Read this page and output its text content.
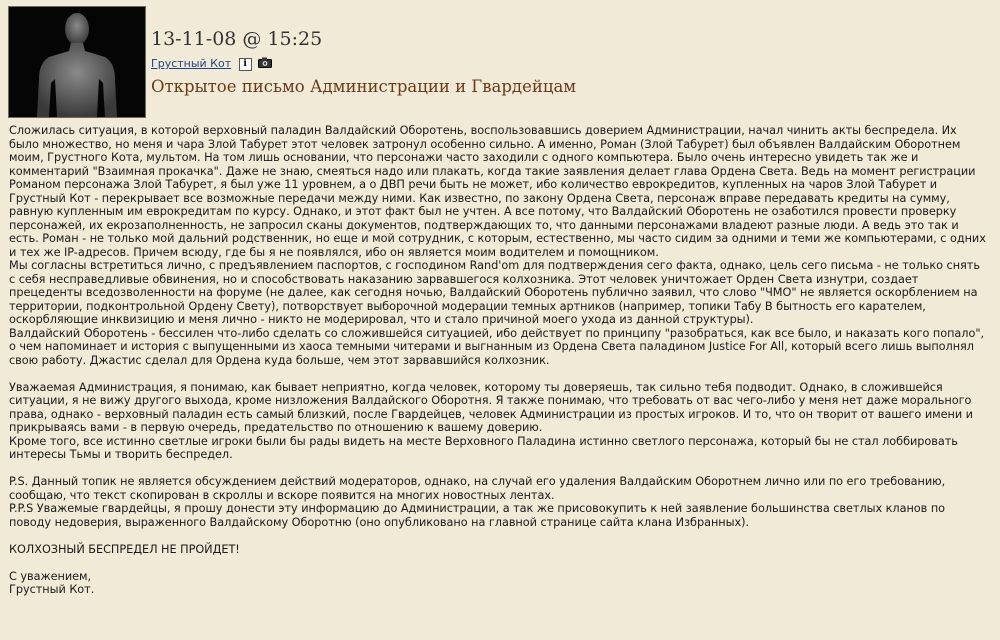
13-11-08 @ 15:25
Грустный Кот i
Открытое письмо Администрации и Гвардейцам

Сложилась ситуация, в которой верховный паладин Валдайский Оборотень, воспользовавшись доверием Администрации, начал чинить акты беспредела. Их было множество, но меня и чара Злой Табурет этот человек затронул особенно сильно. А именно, Роман (Злой Табурет) был объявлен Валдайским Оборотнем моим, Грустного Кота, мультом. На том лишь основании, что персонажи часто заходили с одного компьютера. Было очень интересно увидеть так же и комментарий "Взаимная прокачка". Даже не знаю, смеяться надо или плакать, когда такие заявления делает глава Ордена Света. Ведь на момент регистрации Романом персонажа Злой Табурет, я был уже 11 уровнем, а о ДВП речи быть не может, ибо количество еврокредитов, купленных на чаров Злой Табурет и Грустный Кот - перекрывает все возможные передачи между ними. Как известно, по закону Ордена Света, персонаж вправе передавать кредиты на сумму, равную купленным им еврокредитам по курсу. Однако, и этот факт был не учтен. А все потому, что Валдайский Оборотень не озаботился провести проверку персонажей, их екрозаполненность, не запросил сканы документов, подтверждающих то, что данными персонажами владеют разные люди. А ведь это так и есть. Роман - не только мой дальний родственник, но еще и мой сотрудник, с которым, естественно, мы часто сидим за одними и теми же компьютерами, с одних и тех же IP-адресов. Причем всюду, где бы я не появлялся, ибо он является моим водителем и помощником.

Мы согласны встретиться лично, с предъявлением паспортов, с господином Rand'om для подтверждения сего факта, однако, цель сего письма - не только снять с себя несправедливые обвинения, но и способствовать наказанию зарвавшегося колхозника. Этот человек уничтожает Орден Света изнутри, создает прецеденты вседозволенности на форуме (не далее, как сегодня ночью, Валдайский Оборотень публично заявил, что слово "ЧМО" не является оскорблением на территории, подконтрольной Ордену Свету), потворствует выборочной модерации темных артников (например, топики Табу В бытность его карателем, оскорбляющие инквизицию и меня лично - никто не модерировал, что и стало причиной моего ухода из данной структуры).

Валдайский Оборотень - бессилен что-либо сделать со сложившейся ситуацией, ибо действует по принципу "разобраться, как все было, и наказать кого попало", о чем напоминает и история с выпущенными из хаоса темными читерами и выгнанным из Ордена Света паладином Justice For All, который всего лишь выполнял свою работу. Джастис сделал для Ордена куда больше, чем этот зарвавшийся колхозник.

Уважаемая Администрация, я понимаю, как бывает неприятно, когда человек, которому ты доверяешь, так сильно тебя подводит. Однако, в сложившейся ситуации, я не вижу другого выхода, кроме низложения Валдайского Оборотня. Я также понимаю, что требовать от вас чего-либо у меня нет даже морального права, однако - верховный паладин есть самый близкий, после Гвардейцев, человек Администрации из простых игроков. И то, что он творит от вашего имени и прикрываясь вами - в первую очередь, предательство по отношению к вашему доверию.

Кроме того, все истинно светлые игроки были бы рады видеть на месте Верховного Паладина истинно светлого персонажа, который бы не стал лоббировать интересы Тьмы и творить беспредел.

P.S. Данный топик не является обсуждением действий модераторов, однако, на случай его удаления Валдайским Оборотнем лично или по его требованию, сообщаю, что текст скопирован в скроллы и вскоре появится на многих новостных лентах.

P.P.S Уважемые гвардейцы, я прошу донести эту информацию до Администрации, а так же присовокупить к ней заявление большинства светлых кланов по поводу недоверия, выраженного Валдайскому Оборотню (оно опубликовано на главной странице сайта клана Избранных).

КОЛХОЗНЫЙ БЕСПРЕДЕЛ НЕ ПРОЙДЕТ!

С уважением,

Грустный Кот.
